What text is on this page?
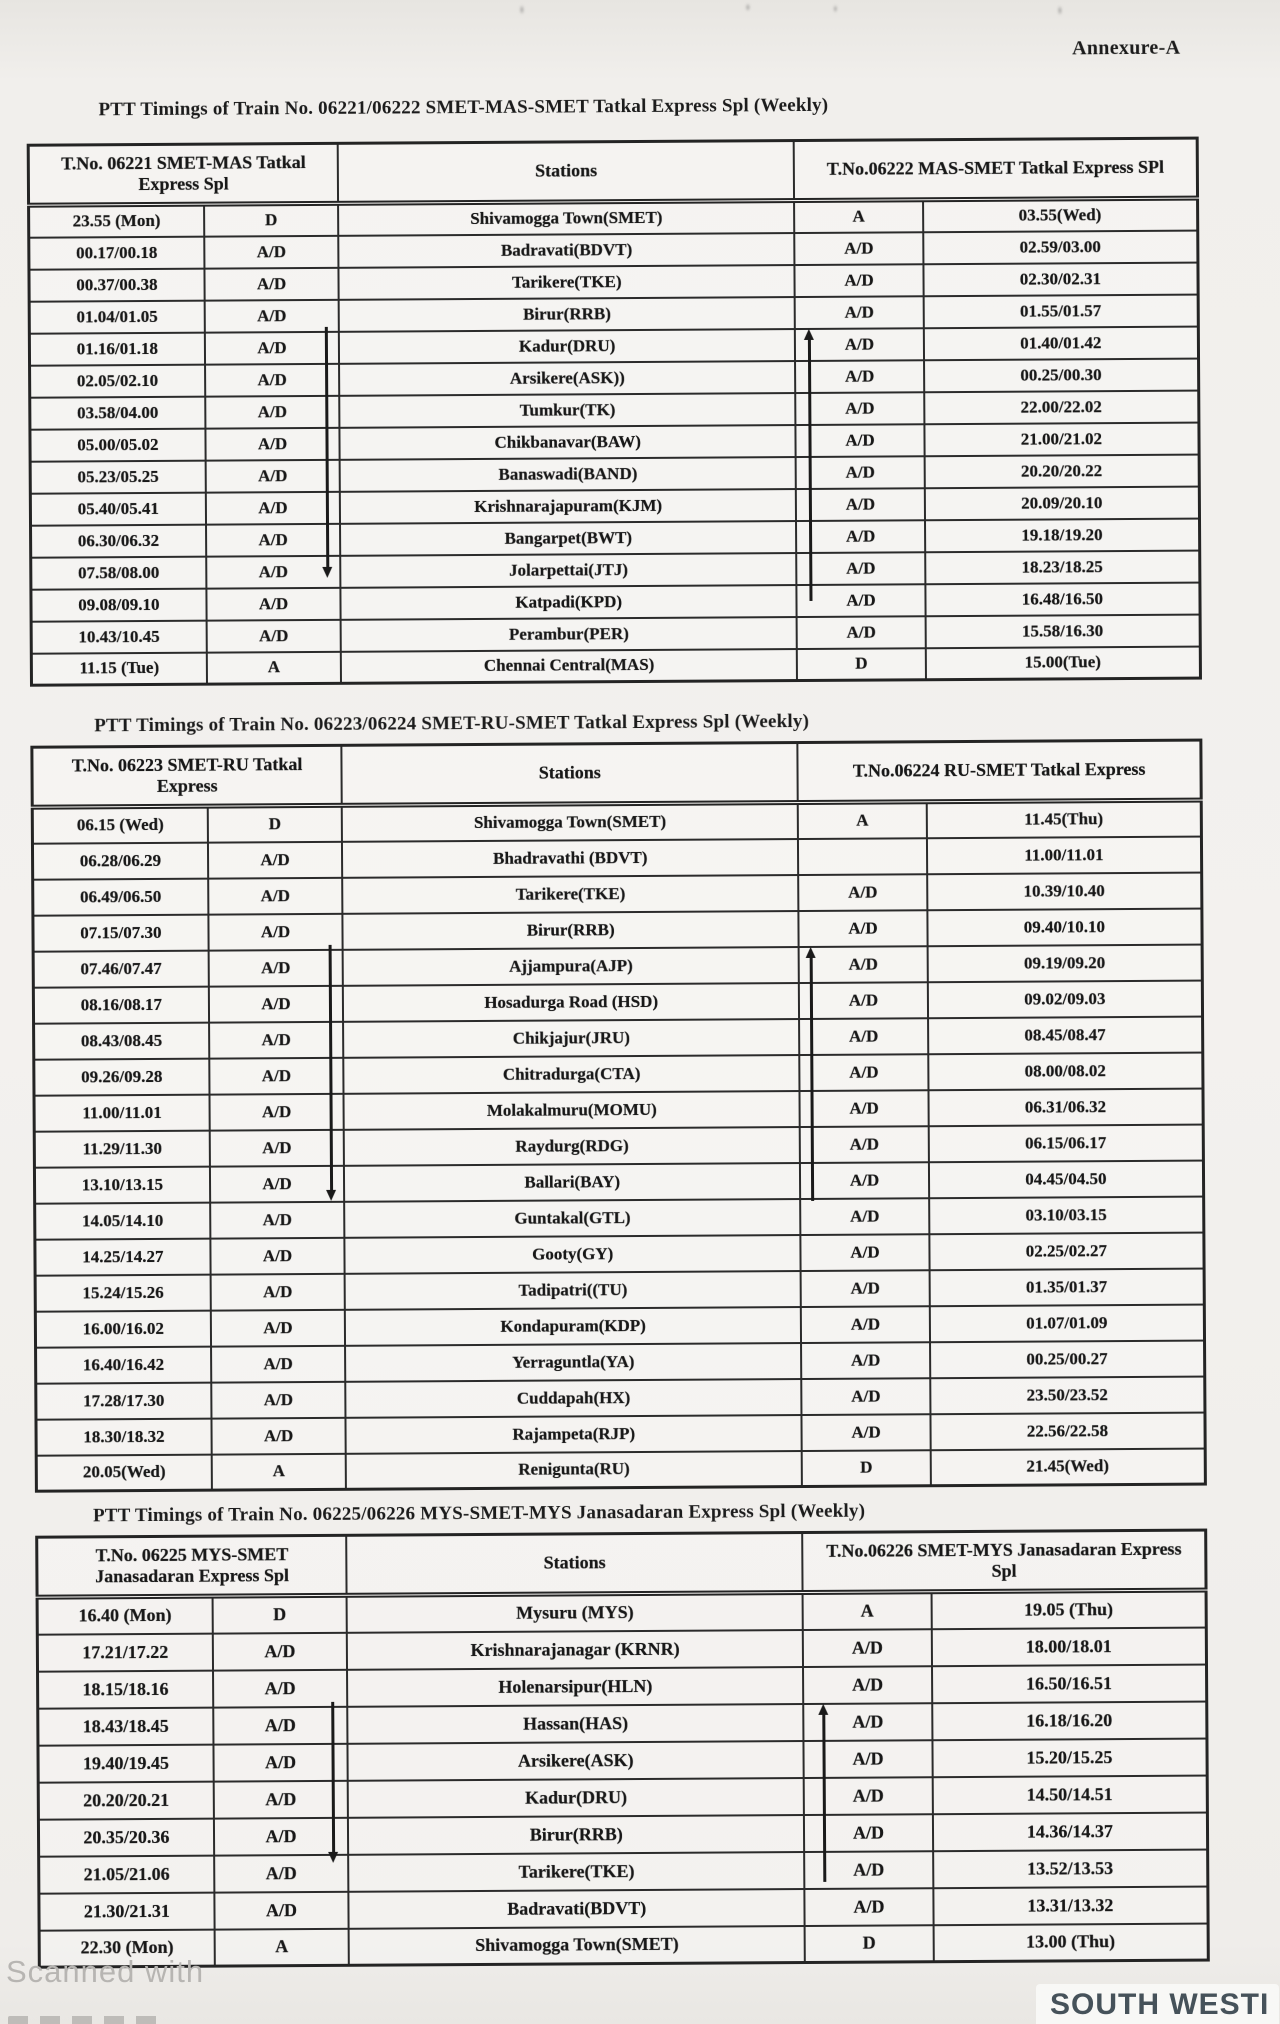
Annexure-A
PTT Timings of Train No. 06221/06222 SMET-MAS-SMET Tatkal Express Spl (Weekly)
T.No. 06221 SMET-MAS Tatkal Express Spl		Stations	T.No.06222 MAS-SMET Tatkal Express SPl	
23.55 (Mon)	D	Shivamogga Town(SMET)	A	03.55(Wed)
00.17/00.18	A/D	Badravati(BDVT)	A/D	02.59/03.00
00.37/00.38	A/D	Tarikere(TKE)	A/D	02.30/02.31
01.04/01.05	A/D	Birur(RRB)	A/D	01.55/01.57
01.16/01.18	A/D	Kadur(DRU)	A/D	01.40/01.42
02.05/02.10	A/D	Arsikere(ASK))	A/D	00.25/00.30
03.58/04.00	A/D	Tumkur(TK)	A/D	22.00/22.02
05.00/05.02	A/D	Chikbanavar(BAW)	A/D	21.00/21.02
05.23/05.25	A/D	Banaswadi(BAND)	A/D	20.20/20.22
05.40/05.41	A/D	Krishnarajapuram(KJM)	A/D	20.09/20.10
06.30/06.32	A/D	Bangarpet(BWT)	A/D	19.18/19.20
07.58/08.00	A/D	Jolarpettai(JTJ)	A/D	18.23/18.25
09.08/09.10	A/D	Katpadi(KPD)	A/D	16.48/16.50
10.43/10.45	A/D	Perambur(PER)	A/D	15.58/16.30
11.15 (Tue)	A	Chennai Central(MAS)	D	15.00(Tue)
PTT Timings of Train No. 06223/06224 SMET-RU-SMET Tatkal Express Spl (Weekly)
T.No. 06223 SMET-RU Tatkal Express		Stations	T.No.06224 RU-SMET Tatkal Express	
06.15 (Wed)	D	Shivamogga Town(SMET)	A	11.45(Thu)
06.28/06.29	A/D	Bhadravathi (BDVT)		11.00/11.01
06.49/06.50	A/D	Tarikere(TKE)	A/D	10.39/10.40
07.15/07.30	A/D	Birur(RRB)	A/D	09.40/10.10
07.46/07.47	A/D	Ajjampura(AJP)	A/D	09.19/09.20
08.16/08.17	A/D	Hosadurga Road (HSD)	A/D	09.02/09.03
08.43/08.45	A/D	Chikjajur(JRU)	A/D	08.45/08.47
09.26/09.28	A/D	Chitradurga(CTA)	A/D	08.00/08.02
11.00/11.01	A/D	Molakalmuru(MOMU)	A/D	06.31/06.32
11.29/11.30	A/D	Raydurg(RDG)	A/D	06.15/06.17
13.10/13.15	A/D	Ballari(BAY)	A/D	04.45/04.50
14.05/14.10	A/D	Guntakal(GTL)	A/D	03.10/03.15
14.25/14.27	A/D	Gooty(GY)	A/D	02.25/02.27
15.24/15.26	A/D	Tadipatri((TU)	A/D	01.35/01.37
16.00/16.02	A/D	Kondapuram(KDP)	A/D	01.07/01.09
16.40/16.42	A/D	Yerraguntla(YA)	A/D	00.25/00.27
17.28/17.30	A/D	Cuddapah(HX)	A/D	23.50/23.52
18.30/18.32	A/D	Rajampeta(RJP)	A/D	22.56/22.58
20.05(Wed)	A	Renigunta(RU)	D	21.45(Wed)
PTT Timings of Train No. 06225/06226 MYS-SMET-MYS Janasadaran Express Spl (Weekly)
T.No. 06225 MYS-SMET Janasadaran Express Spl		Stations	T.No.06226 SMET-MYS Janasadaran Express Spl	
16.40 (Mon)	D	Mysuru (MYS)	A	19.05 (Thu)
17.21/17.22	A/D	Krishnarajanagar (KRNR)	A/D	18.00/18.01
18.15/18.16	A/D	Holenarsipur(HLN)	A/D	16.50/16.51
18.43/18.45	A/D	Hassan(HAS)	A/D	16.18/16.20
19.40/19.45	A/D	Arsikere(ASK)	A/D	15.20/15.25
20.20/20.21	A/D	Kadur(DRU)	A/D	14.50/14.51
20.35/20.36	A/D	Birur(RRB)	A/D	14.36/14.37
21.05/21.06	A/D	Tarikere(TKE)	A/D	13.52/13.53
21.30/21.31	A/D	Badravati(BDVT)	A/D	13.31/13.32
22.30 (Mon)	A	Shivamogga Town(SMET)	D	13.00 (Thu)
Scanned with
SOUTH WESTI
